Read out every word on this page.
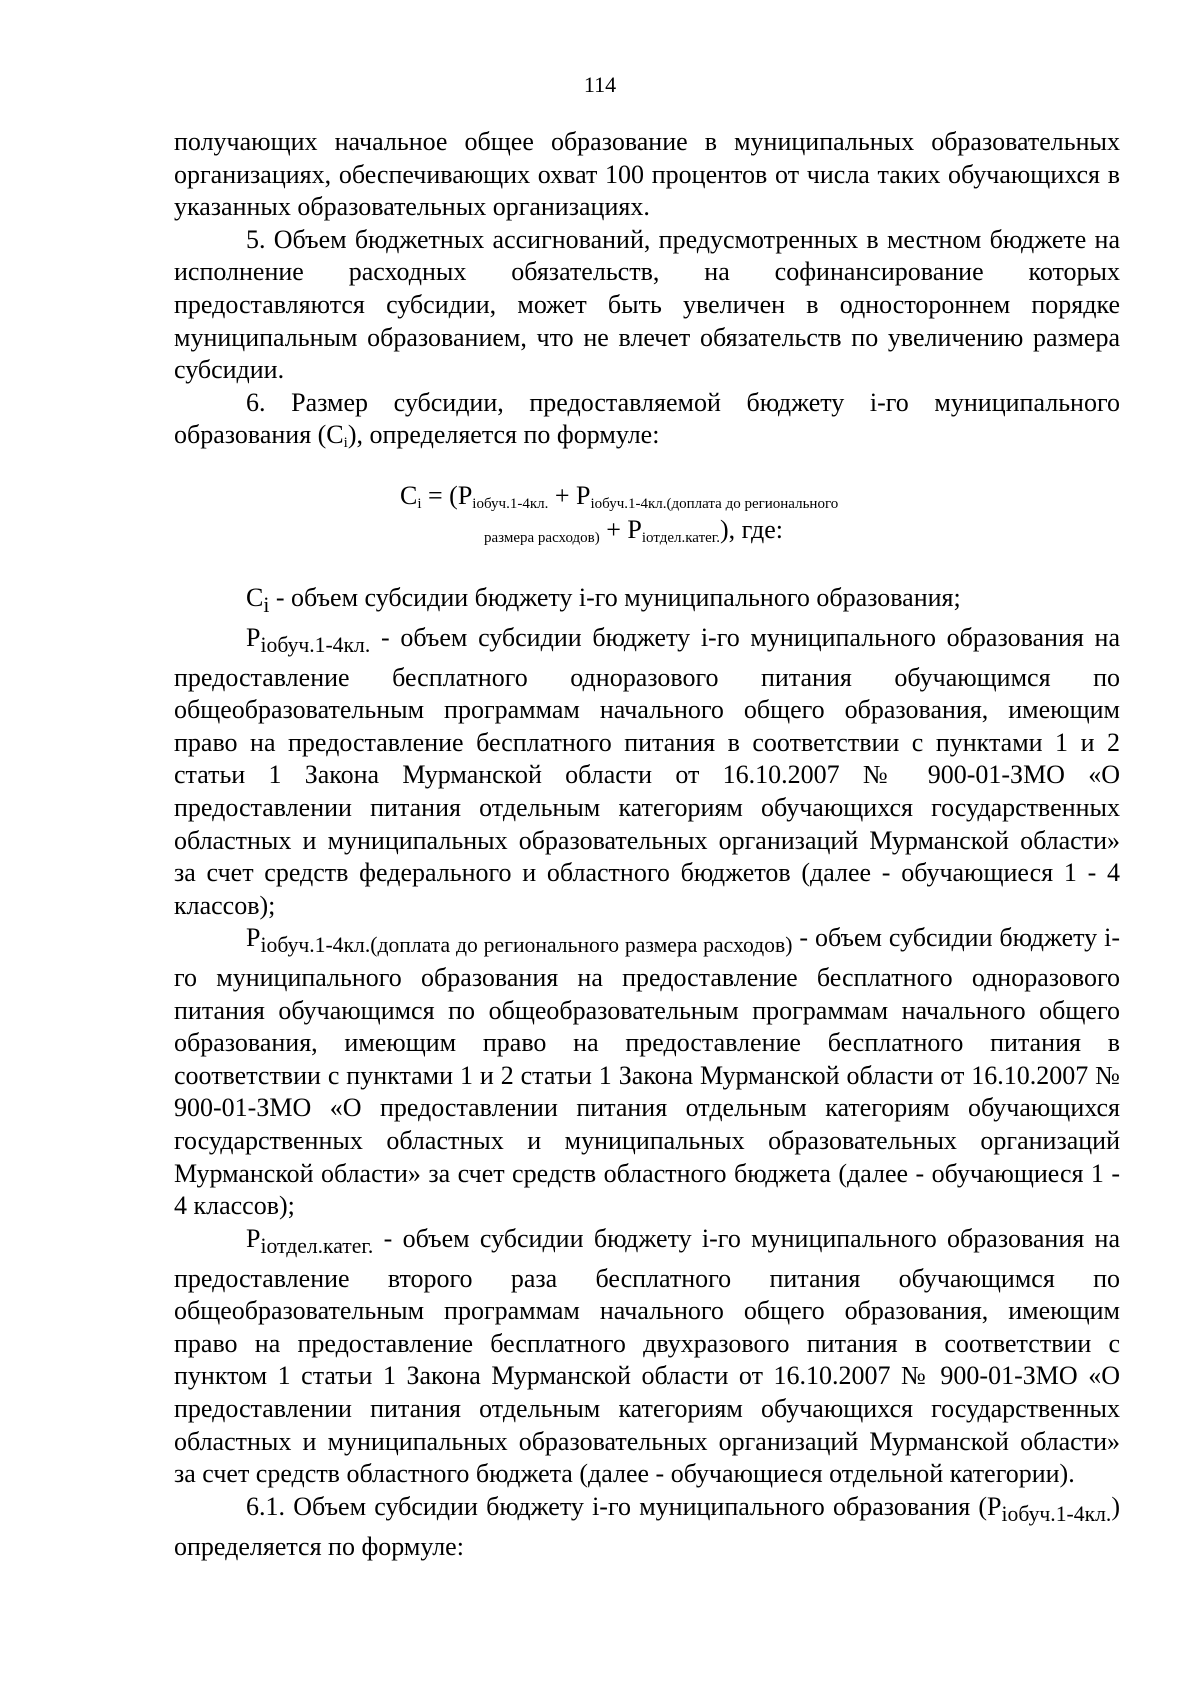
114

получающих начальное общее образование в муниципальных образовательных организациях, обеспечивающих охват 100 процентов от числа таких обучающихся в указанных образовательных организациях.

5. Объем бюджетных ассигнований, предусмотренных в местном бюджете на исполнение расходных обязательств, на софинансирование которых предоставляются субсидии, может быть увеличен в одностороннем порядке муниципальным образованием, что не влечет обязательств по увеличению размера субсидии.

6. Размер субсидии, предоставляемой бюджету i-го муниципального образования $(C_i)$, определяется по формуле:

$C_i = (P_{iобуч.1-4кл.} + P_{iобуч.1-4кл.(доплата до регионального}$
$_{размера расходов)} + P_{iотдел.катег.}$), где:

$C_i$ - объем субсидии бюджету i-го муниципального образования;

$P_{iобуч.1-4кл.}$ - объем субсидии бюджету i-го муниципального образования на предоставление бесплатного одноразового питания обучающимся по общеобразовательным программам начального общего образования, имеющим право на предоставление бесплатного питания в соответствии с пунктами 1 и 2 статьи 1 Закона Мурманской области от 16.10.2007 № 900-01-ЗМО «О предоставлении питания отдельным категориям обучающихся государственных областных и муниципальных образовательных организаций Мурманской области» за счет средств федерального и областного бюджетов (далее - обучающиеся 1 - 4 классов);

$P_{iобуч.1-4кл.(доплата до регионального размера расходов)}$ - объем субсидии бюджету i-го муниципального образования на предоставление бесплатного одноразового питания обучающимся по общеобразовательным программам начального общего образования, имеющим право на предоставление бесплатного питания в соответствии с пунктами 1 и 2 статьи 1 Закона Мурманской области от 16.10.2007 № 900-01-ЗМО «О предоставлении питания отдельным категориям обучающихся государственных областных и муниципальных образовательных организаций Мурманской области» за счет средств областного бюджета (далее - обучающиеся 1 - 4 классов);

$P_{iотдел.катег.}$ - объем субсидии бюджету i-го муниципального образования на предоставление второго раза бесплатного питания обучающимся по общеобразовательным программам начального общего образования, имеющим право на предоставление бесплатного двухразового питания в соответствии с пунктом 1 статьи 1 Закона Мурманской области от 16.10.2007 № 900-01-ЗМО «О предоставлении питания отдельным категориям обучающихся государственных областных и муниципальных образовательных организаций Мурманской области» за счет средств областного бюджета (далее - обучающиеся отдельной категории).

6.1. Объем субсидии бюджету i-го муниципального образования $(P_{iобуч.1-4кл.})$ определяется по формуле:
